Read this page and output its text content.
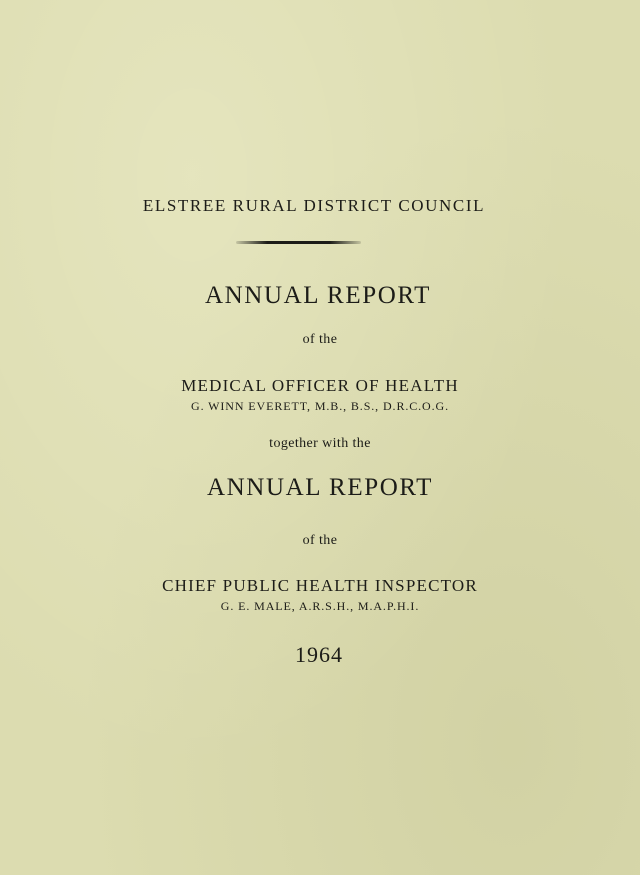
ELSTREE RURAL DISTRICT COUNCIL
ANNUAL REPORT
of the
MEDICAL OFFICER OF HEALTH
G. WINN EVERETT, M.B., B.S., D.R.C.O.G.
together with the
ANNUAL REPORT
of the
CHIEF PUBLIC HEALTH INSPECTOR
G. E. MALE, A.R.S.H., M.A.P.H.I.
1964
